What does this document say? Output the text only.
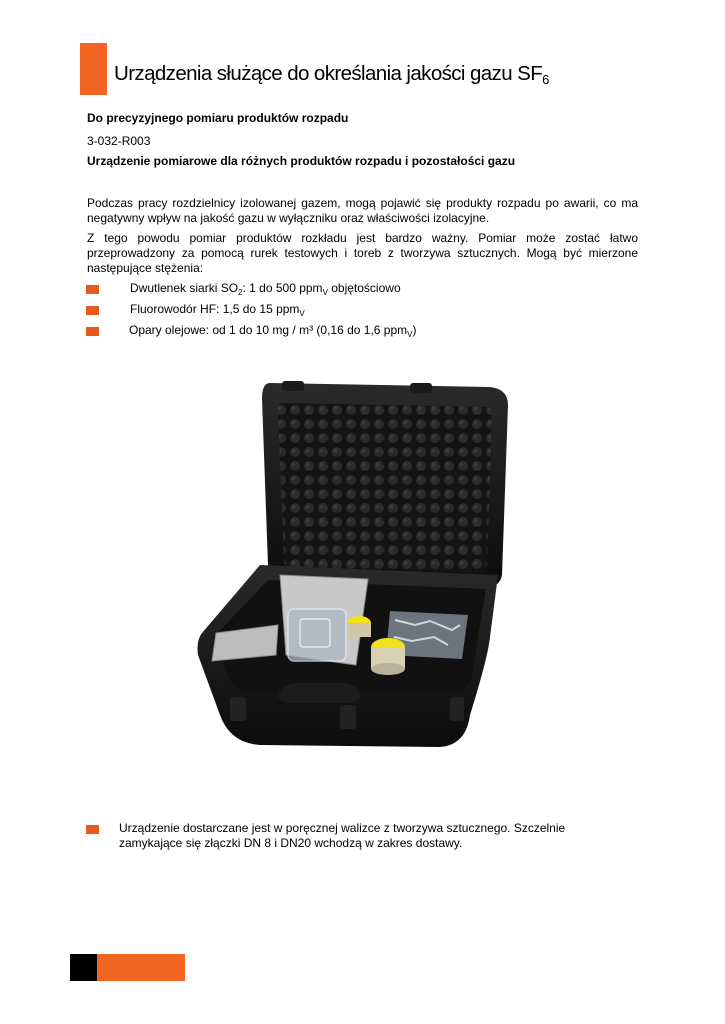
Urządzenia służące do określania jakości gazu $SF_6$
Do precyzyjnego pomiaru produktów rozpadu
3-032-R003
Urządzenie pomiarowe dla różnych produktów rozpadu i pozostałości gazu
Podczas pracy rozdzielnicy izolowanej gazem, mogą pojawić się produkty rozpadu po awarii, co ma negatywny wpływ na jakość gazu w wyłączniku oraz właściwości izolacyjne.
Z tego powodu pomiar produktów rozkładu jest bardzo ważny. Pomiar może zostać łatwo przeprowadzony za pomocą rurek testowych i toreb z tworzywa sztucznych. Mogą być mierzone następujące stężenia:
Dwutlenek siarki $SO_2$: 1 do 500 ppm$_V$ objętościowo
Fluorowodór HF: 1,5 do 15 ppm$_V$
Opary olejowe: od 1 do 10 mg / m³ (0,16 do 1,6 ppm$_V$)
Urządzenie dostarczane jest w poręcznej walizce z tworzywa sztucznego. Szczelnie
zamykające się złączki DN 8 i DN20 wchodzą w zakres dostawy.
